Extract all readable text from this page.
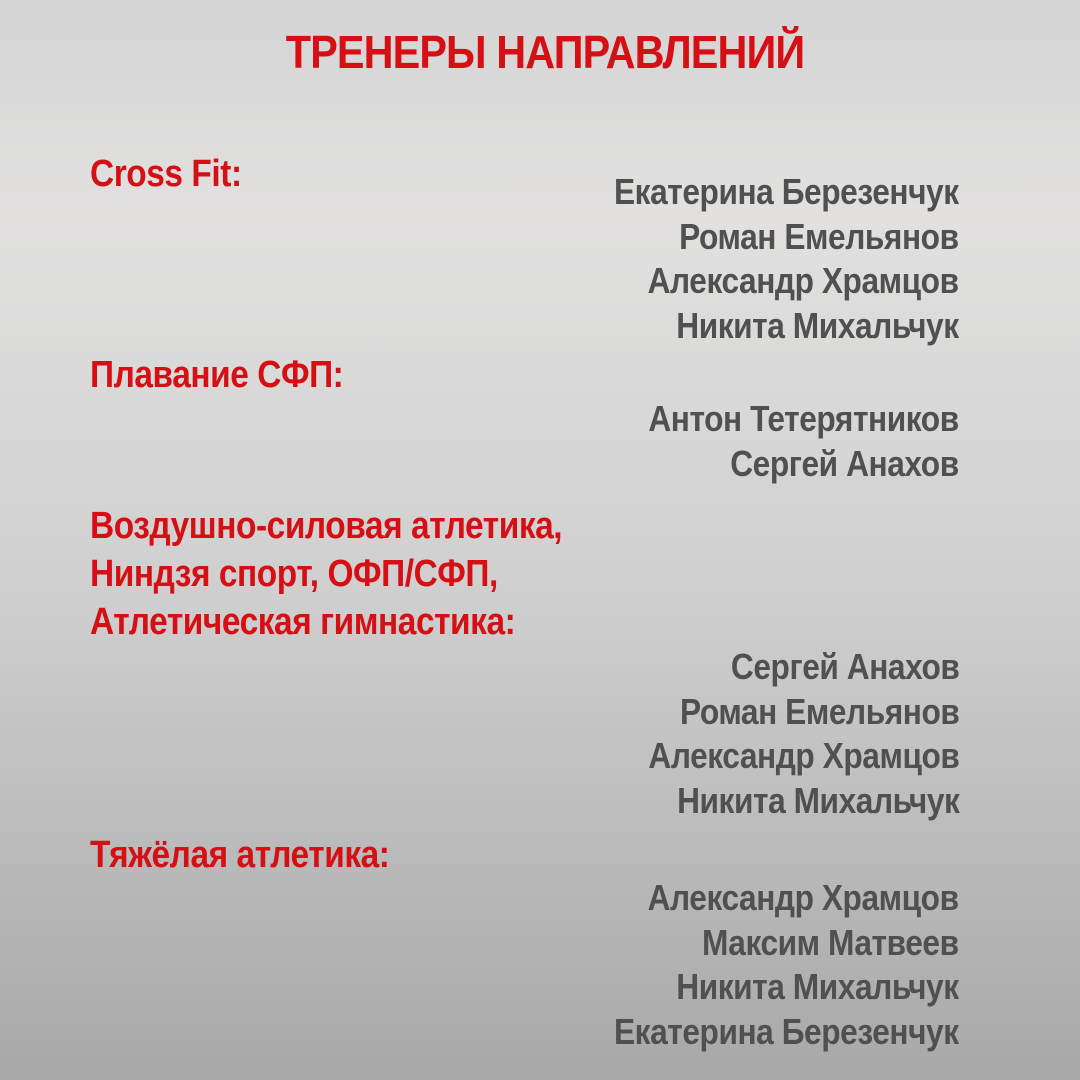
ТРЕНЕРЫ НАПРАВЛЕНИЙ
Cross Fit:	Екатерина Березенчук
Роман Емельянов
Александр Храмцов
Никита Михальчук
Плавание СФП:
Антон Тетерятников
Сергей Анахов
Воздушно-силовая атлетика,
Ниндзя спорт, ОФП/СФП,
Атлетическая гимнастика:
Сергей Анахов
Роман Емельянов
Александр Храмцов
Никита Михальчук
Тяжёлая атлетика:
Александр Храмцов
Максим Матвеев
Никита Михальчук
Екатерина Березенчук
